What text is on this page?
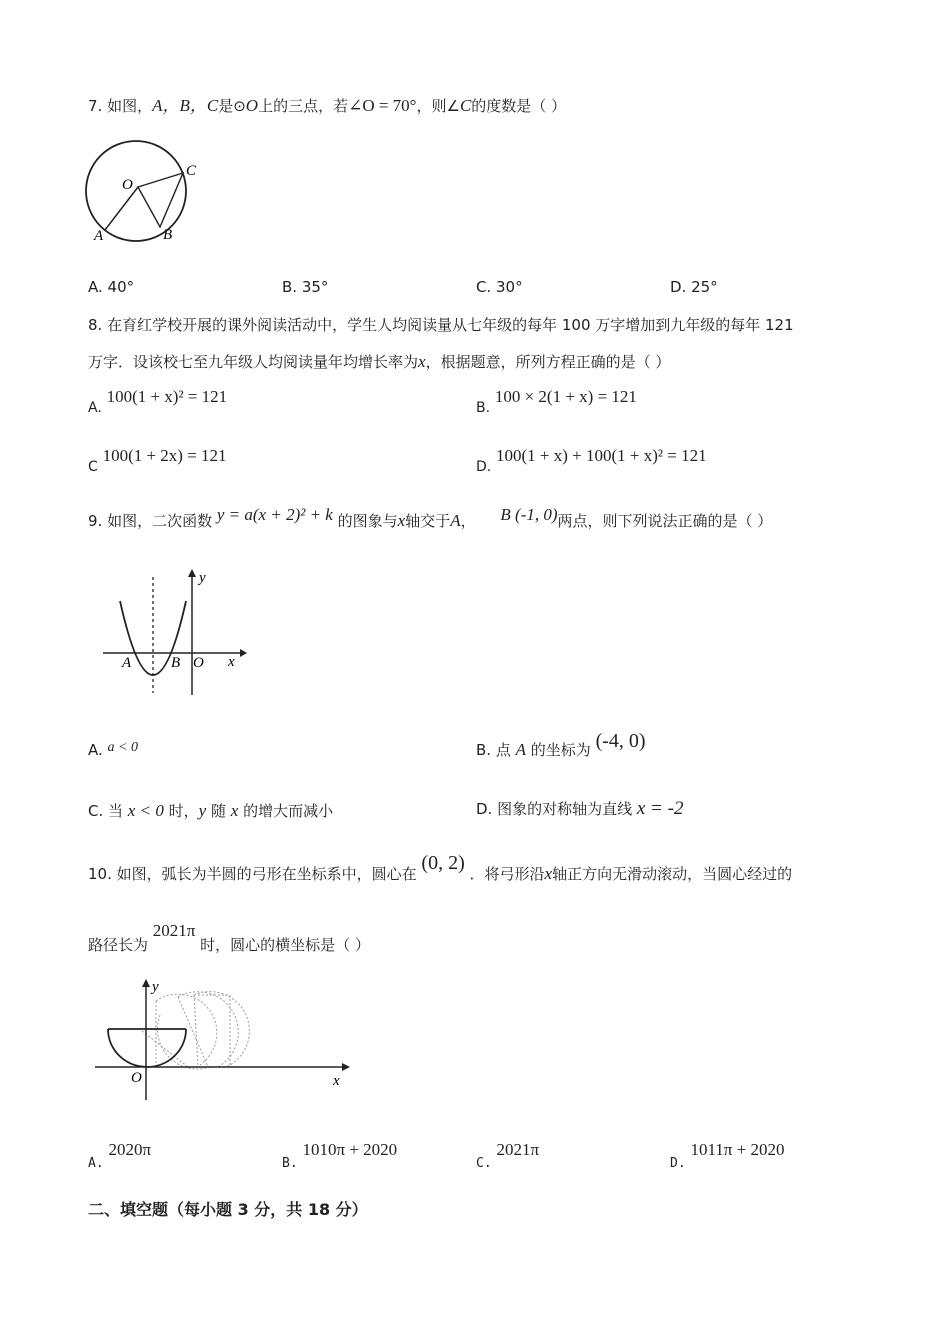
7. 如图，A，B，C是⊙O上的三点，若∠O = 70°，则∠C的度数是（ ）
O
A	B
C
A. 40°	B. 35°	C. 30°	D. 25°
8. 在育红学校开展的课外阅读活动中，学生人均阅读量从七年级的每年 100 万字增加到九年级的每年 121
万字．设该校七至九年级人均阅读量年均增长率为x，根据题意，所列方程正确的是（ ）
A. 100(1 + x)² = 121
B. 100 × 2(1 + x) = 121
C 100(1 + 2x) = 121
D. 100(1 + x) + 100(1 + x)² = 121
9. 如图，二次函数 y = a(x + 2)² + k 的图象与x轴交于A， B (-1, 0)两点，则下列说法正确的是（ ）
y
x
A	B O
A. a < 0	B. 点 A 的坐标为 (-4, 0)
C. 当 x < 0 时，y 随 x 的增大而减小	D. 图象的对称轴为直线 x = -2
10. 如图，弧长为半圆的弓形在坐标系中，圆心在 (0, 2) ．将弓形沿x轴正方向无滑动滚动，当圆心经过的
路径长为 2021π 时，圆心的横坐标是（ ）
y
x
O
A. 2020π
B. 1010π + 2020
C. 2021π
D. 1011π + 2020
二、填空题（每小题 3 分，共 18 分）
